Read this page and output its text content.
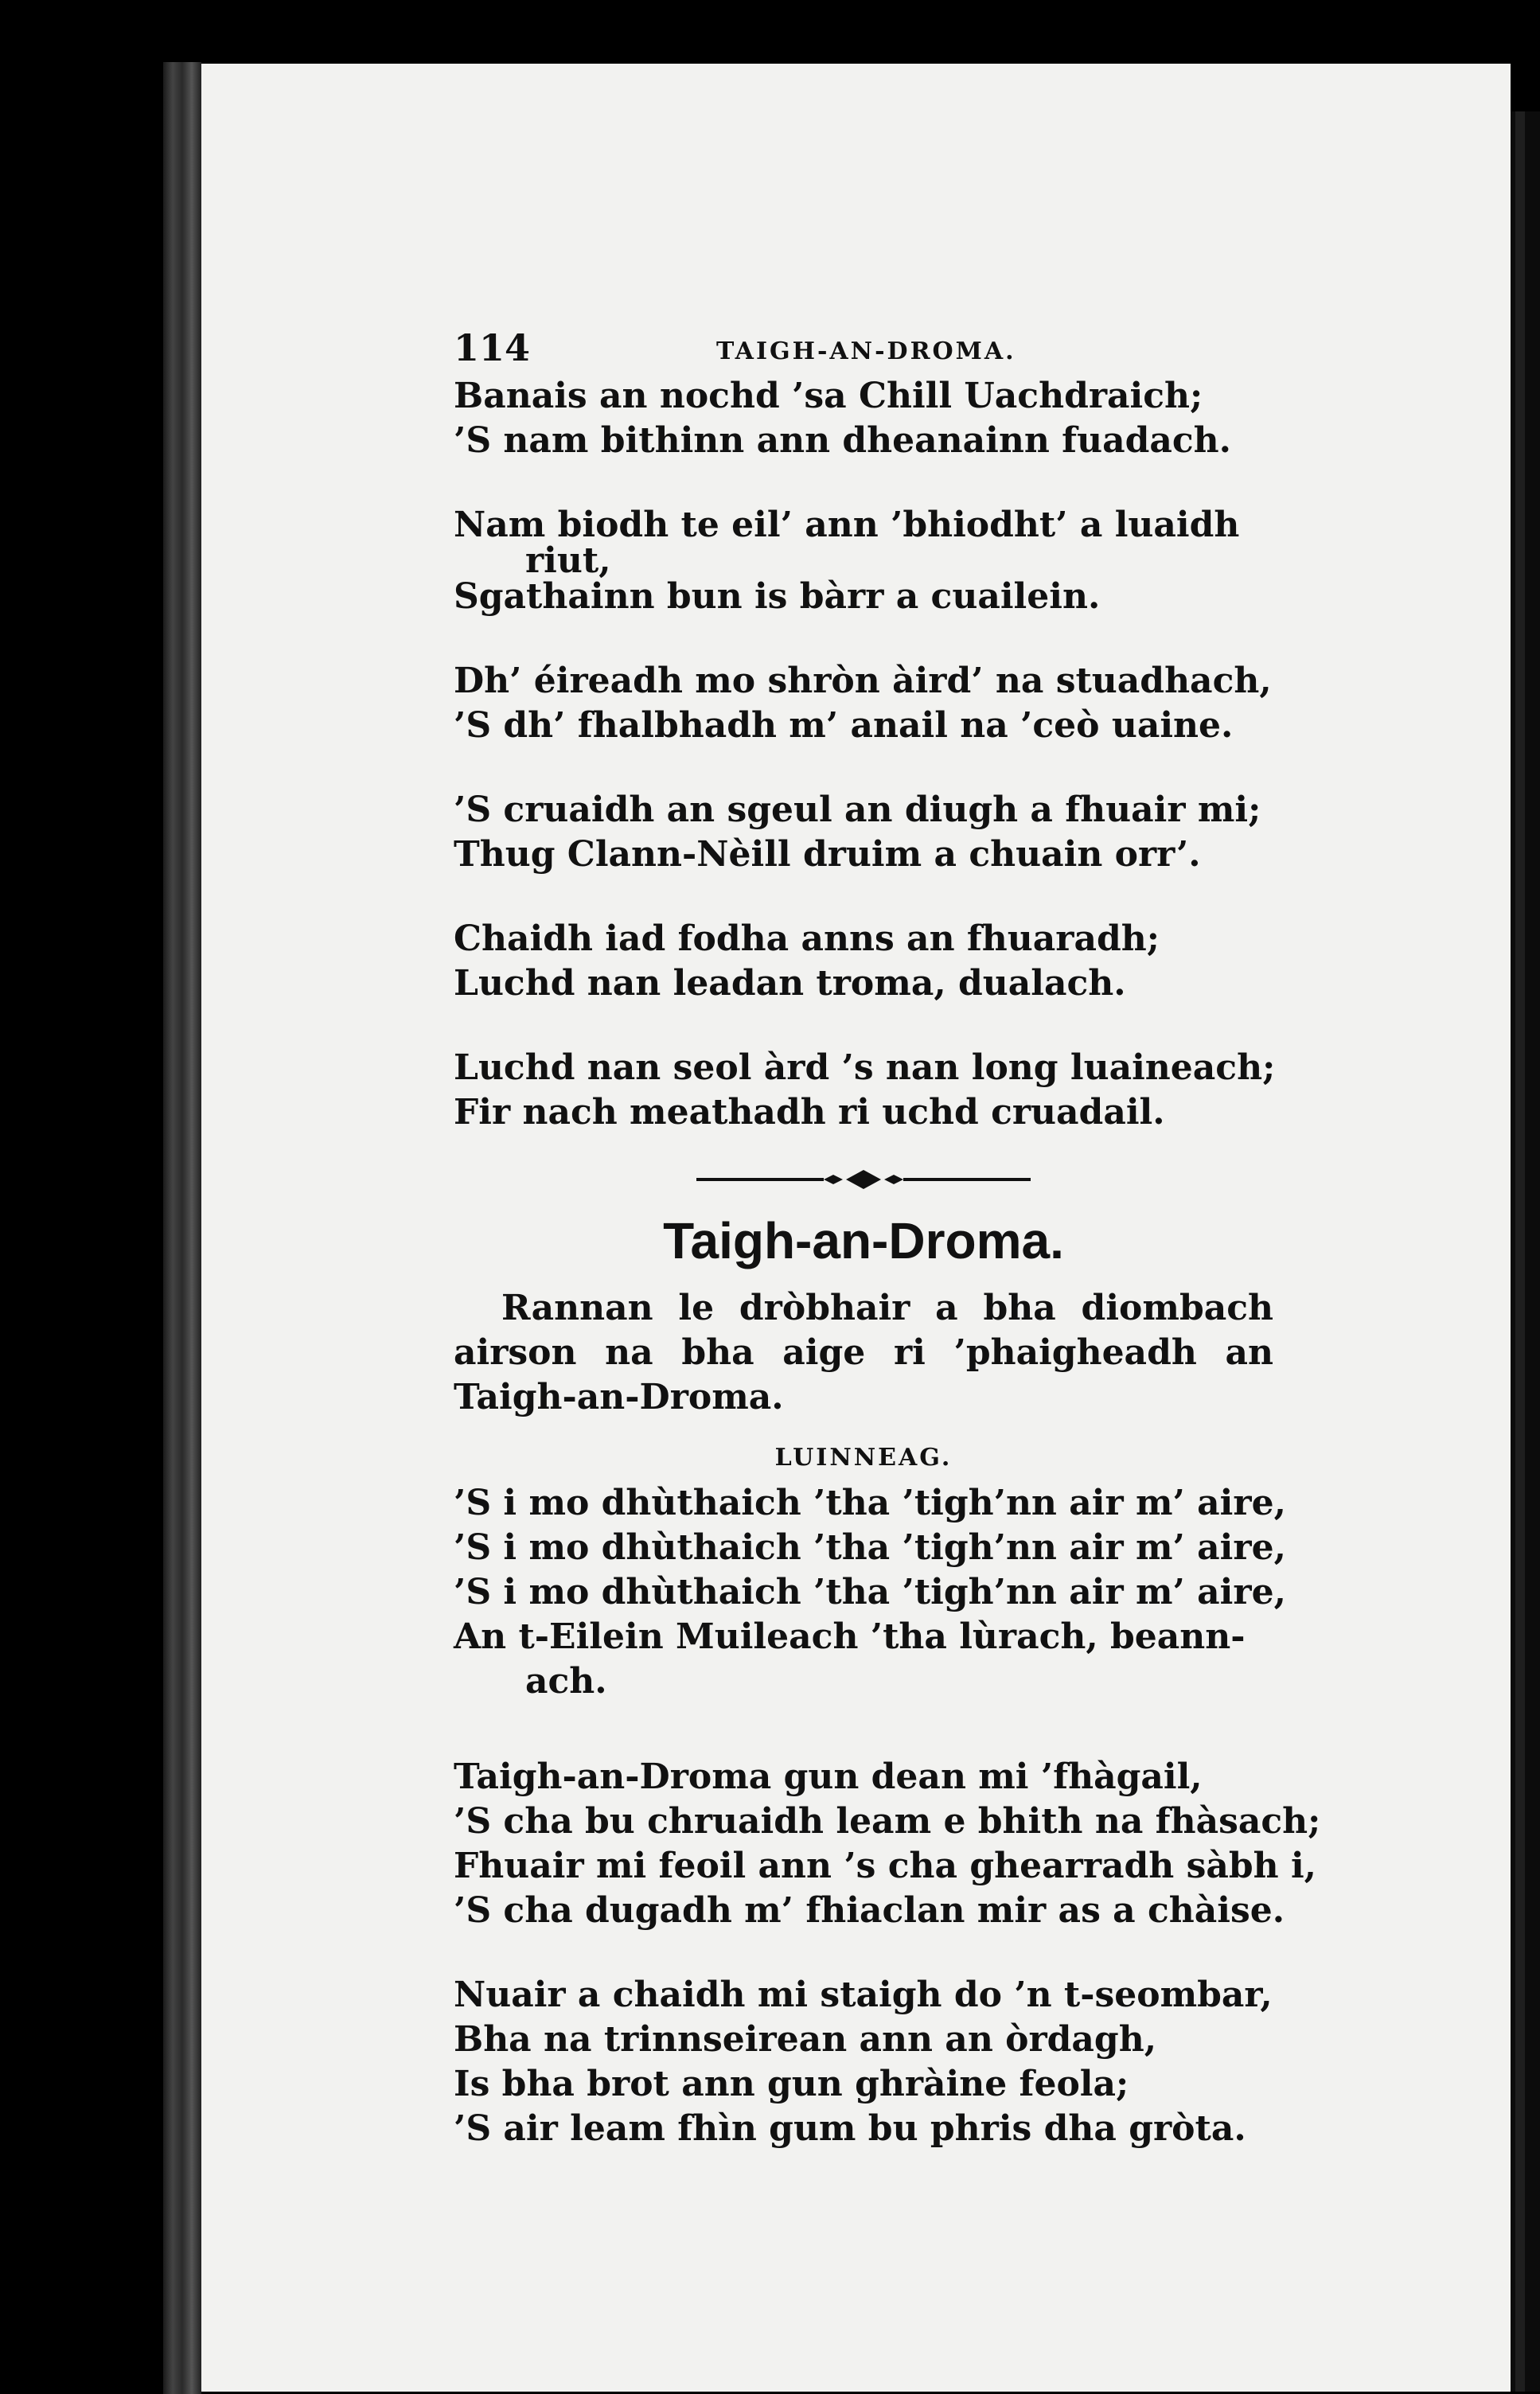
114	TAIGH-AN-DROMA.
Banais an nochd ’sa Chill Uachdraich;
’S nam bithinn ann dheanainn fuadach.
Nam biodh te eil’ ann ’bhiodht’ a luaidh
riut,
Sgathainn bun is bàrr a cuailein.
Dh’ éireadh mo shròn àird’ na stuadhach,
’S dh’ fhalbhadh m’ anail na ’ceò uaine.
’S cruaidh an sgeul an diugh a fhuair mi;
Thug Clann-Nèill druim a chuain orr’.
Chaidh iad fodha anns an fhuaradh;
Luchd nan leadan troma, dualach.
Luchd nan seol àrd ’s nan long luaineach;
Fir nach meathadh ri uchd cruadail.
Taigh-an-Droma.
Rannan le dròbhair a bha diombach
airson na bha aige ri ’phaigheadh an
Taigh-an-Droma.
LUINNEAG.
’S i mo dhùthaich ’tha ’tigh’nn air m’ aire,
’S i mo dhùthaich ’tha ’tigh’nn air m’ aire,
’S i mo dhùthaich ’tha ’tigh’nn air m’ aire,
An t-Eilein Muileach ’tha lùrach, beann-
ach.
Taigh-an-Droma gun dean mi ’fhàgail,
’S cha bu chruaidh leam e bhith na fhàsach;
Fhuair mi feoil ann ’s cha ghearradh sàbh i,
’S cha dugadh m’ fhiaclan mir as a chàise.
Nuair a chaidh mi staigh do ’n t-seombar,
Bha na trinnseirean ann an òrdagh,
Is bha brot ann gun ghràine feola;
’S air leam fhìn gum bu phris dha gròta.
